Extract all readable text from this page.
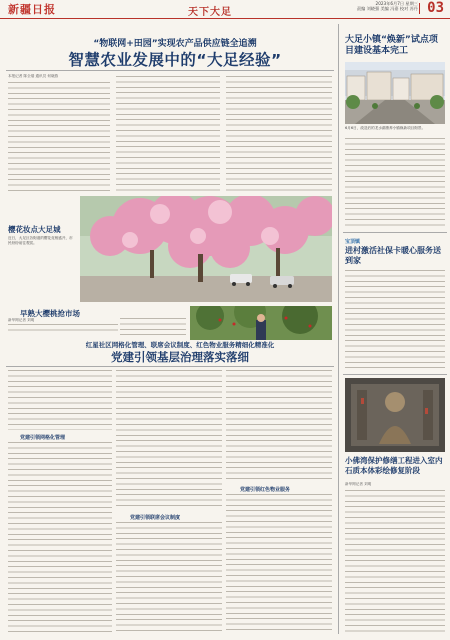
新疆日报	天下大足
2023年6月7日 星期三
责编 刘晓强 美编 冯嘉 校对 苏丹 03
“物联网+田园”实现农产品供应链全追溯
智慧农业发展中的“大足经验”
本报记者 陈全瑞 通讯员 何晓燕
大足小镇“焕新”试点项目建设基本完工
6月6日，改造后的龙水湖康养小镇焕新项目街景。
宝顶镇
进村激活社保卡暖心服务送到家
樱花妆点大足城
近日，大足区各街道的樱花竞相盛开，市民纷纷前往观赏。
早熟大樱桃抢市场
新华网记者 刘明
红星社区网格化管理、联席会议制度、红色物业服务精细化精准化
党建引领基层治理落实落细
党建引领网格化管理
党建引领联席会议制度
党建引领红色物业服务
小佛湾保护修缮工程进入室内石质本体彩绘修复阶段
新华网记者 刘明
